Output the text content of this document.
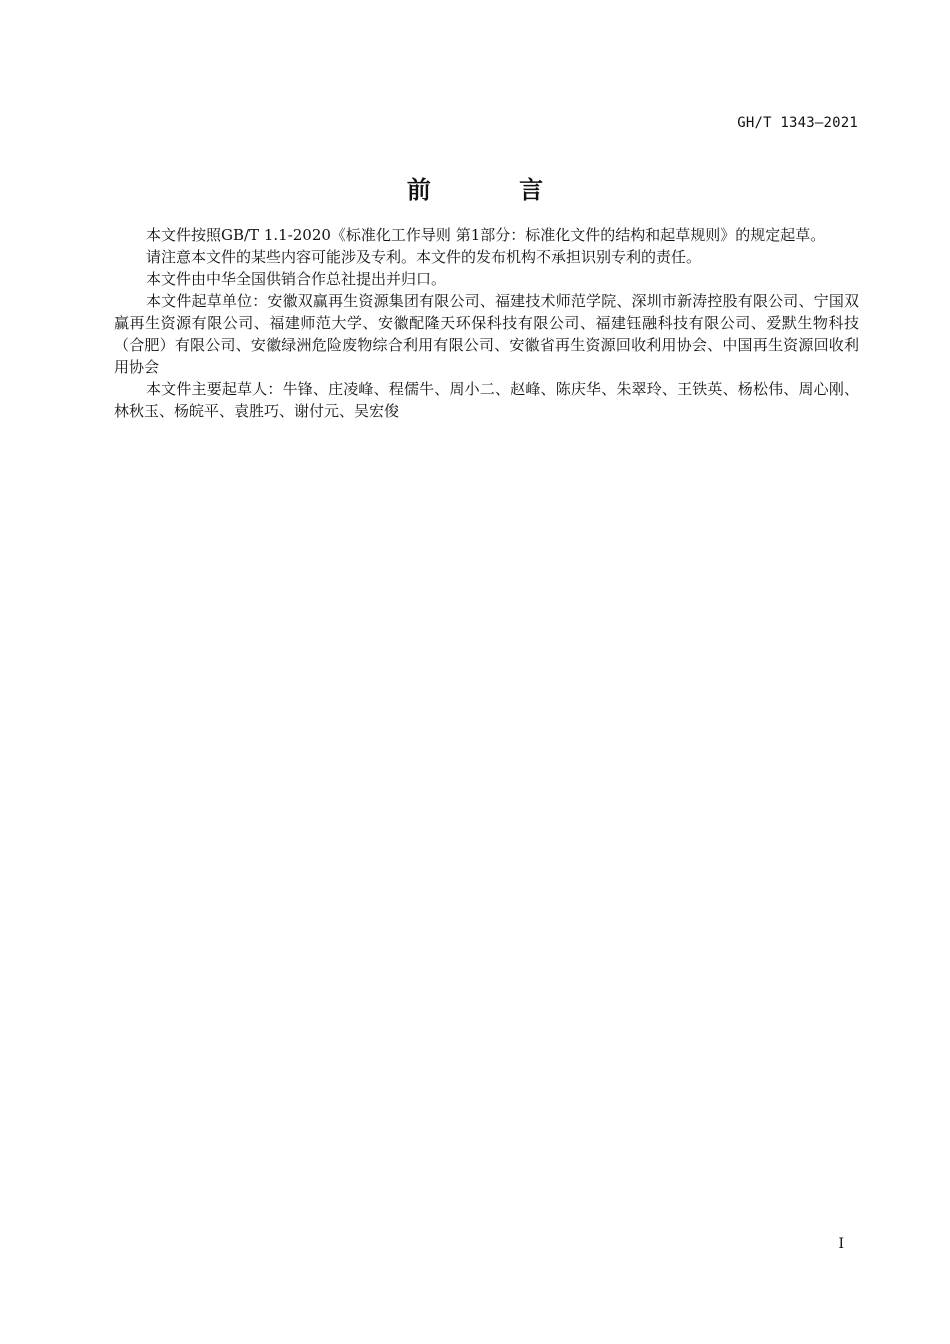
GH/T 1343—2021
前 言

本文件按照GB/T 1.1-2020《标准化工作导则 第1部分：标准化文件的结构和起草规则》的规定起草。

请注意本文件的某些内容可能涉及专利。本文件的发布机构不承担识别专利的责任。

本文件由中华全国供销合作总社提出并归口。

本文件起草单位：安徽双赢再生资源集团有限公司、福建技术师范学院、深圳市新涛控股有限公司、宁国双赢再生资源有限公司、福建师范大学、安徽配隆天环保科技有限公司、福建钰融科技有限公司、爱默生物科技（合肥）有限公司、安徽绿洲危险废物综合利用有限公司、安徽省再生资源回收利用协会、中国再生资源回收利用协会

本文件主要起草人：牛锋、庄凌峰、程儒牛、周小二、赵峰、陈庆华、朱翠玲、王铁英、杨松伟、周心刚、林秋玉、杨皖平、袁胜巧、谢付元、吴宏俊

I
